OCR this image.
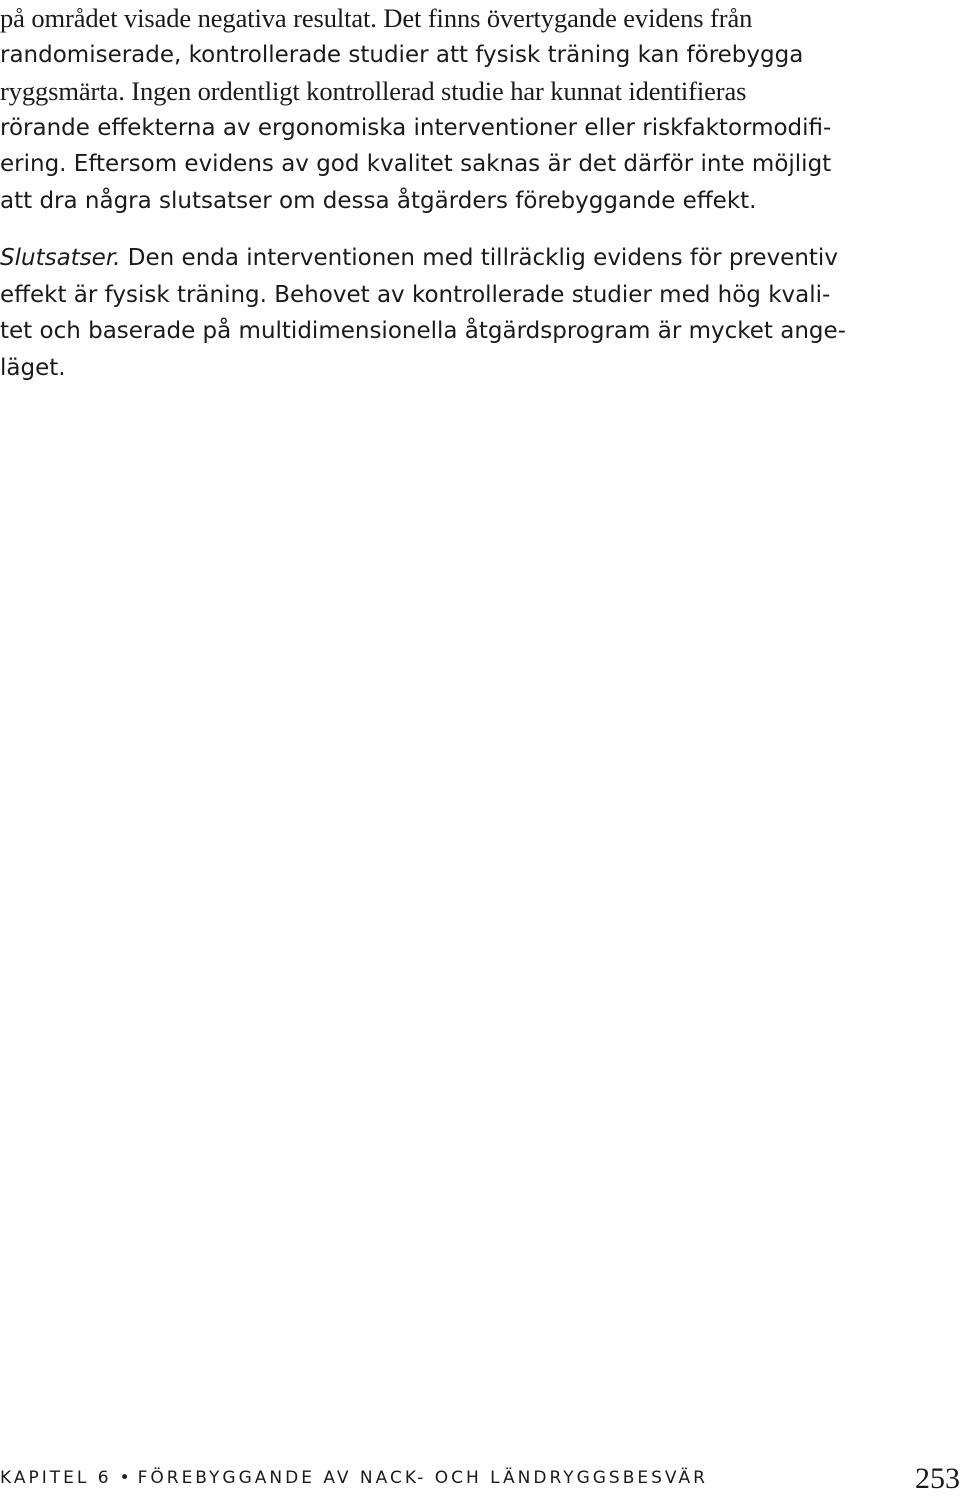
på området visade negativa resultat. Det finns övertygande evidens från
randomiserade, kontrollerade studier att fysisk träning kan förebygga
ryggsmärta. Ingen ordentligt kontrollerad studie har kunnat identifieras
rörande effekterna av ergonomiska interventioner eller riskfaktormodifi-
ering. Eftersom evidens av god kvalitet saknas är det därför inte möjligt
att dra några slutsatser om dessa åtgärders förebyggande effekt.
Slutsatser. Den enda interventionen med tillräcklig evidens för preventiv
effekt är fysisk träning. Behovet av kontrollerade studier med hög kvali-
tet och baserade på multidimensionella åtgärdsprogram är mycket ange-
läget.
KAPITEL 6 • FÖREBYGGANDE AV NACK- OCH LÄNDRYGGSBESVÄR	253
